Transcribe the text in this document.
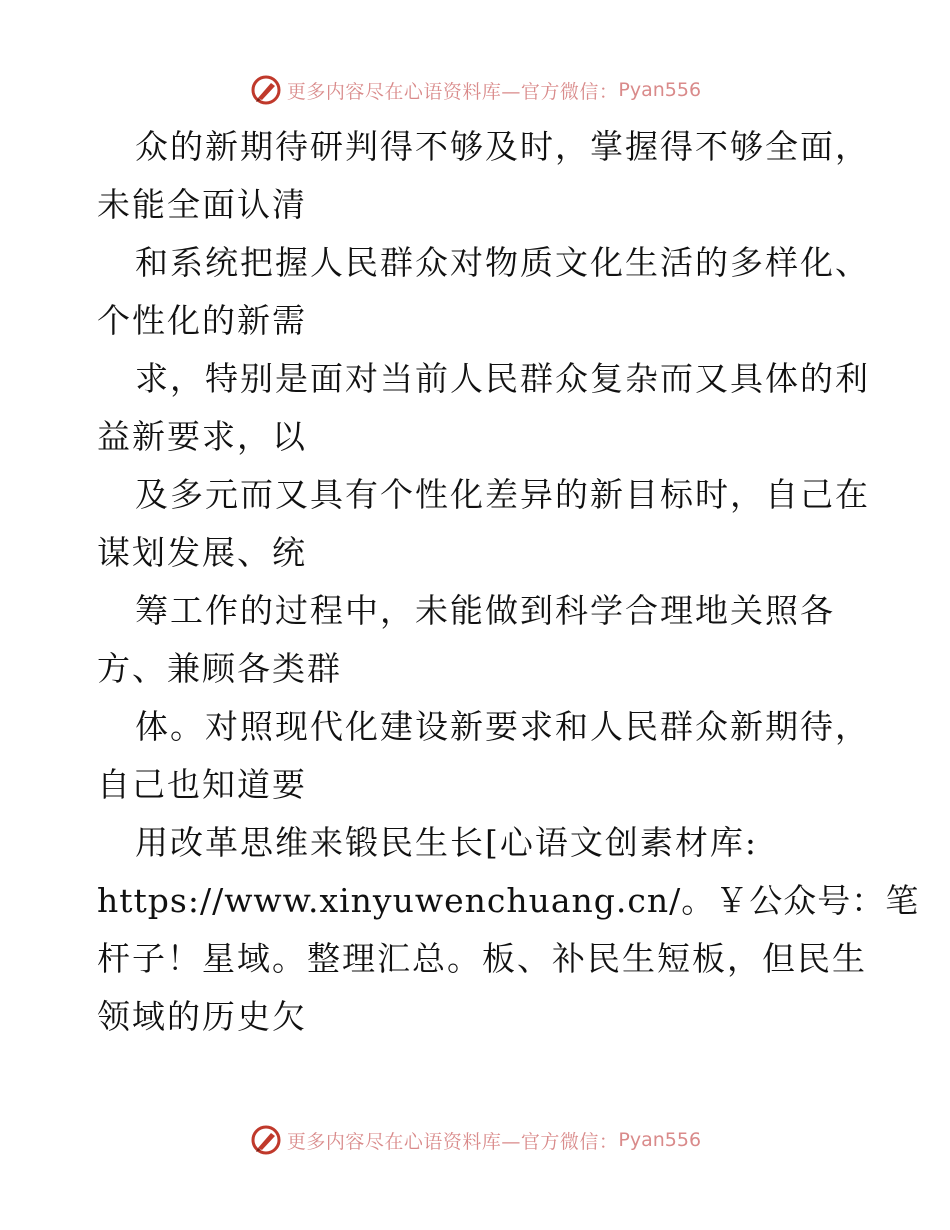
更多内容尽在心语资料库—官方微信： Pyan556

众的新期待研判得不够及时，掌握得不够全面，

未能全面认清

和系统把握人民群众对物质文化生活的多样化、

个性化的新需

求，特别是面对当前人民群众复杂而又具体的利

益新要求，以

及多元而又具有个性化差异的新目标时，自己在

谋划发展、统

筹工作的过程中，未能做到科学合理地关照各

方、兼顾各类群

体。对照现代化建设新要求和人民群众新期待，

自己也知道要

用改革思维来锻民生长[心语文创素材库:

https://www.xinyuwenchuang.cn/。￥公众号：笔

杆子！星域。整理汇总。板、补民生短板，但民生

领域的历史欠

更多内容尽在心语资料库—官方微信： Pyan556
